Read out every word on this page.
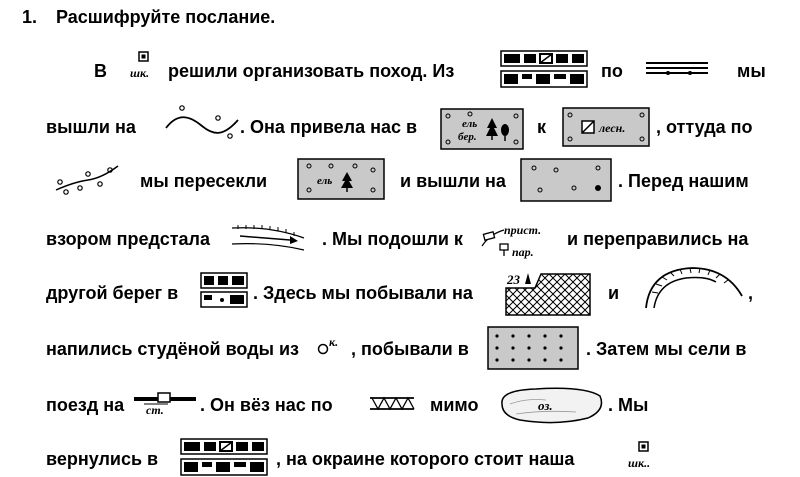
1. Расшифруйте послание.
В шк. решили организовать поход. Из	по	мы
вышли на	. Она привела нас в	ель
бер.	к	лесн. , оттуда по
мы пересекли	ель	и вышли на	. Перед нашим
взором предстала	. Мы подошли к	прист.
пар.
и переправились на
другой берег в	. Здесь мы побывали на
23
и	,
напились студёной воды из к. , побывали в	. Затем мы сели в
поезд на ст. . Он вёз нас по	мимо	оз.	. Мы
вернулись в	, на окраине которого стоит наша	шк..
